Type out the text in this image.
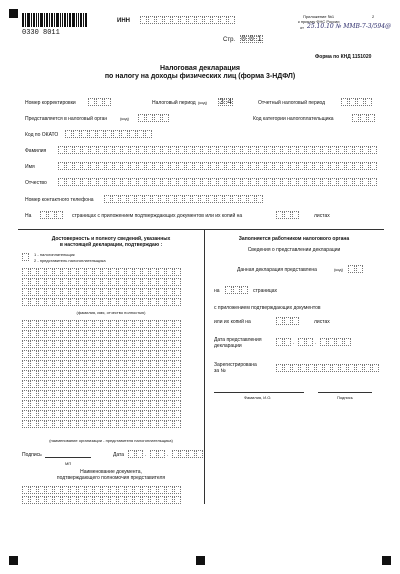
0330 8011
ИНН
Стр. 0 0 1
Приложение №1	2
к приказу ФНС России
от 25.10.10 № ММВ-7-3/594@
Форма по КНД 1151020
Налоговая декларация
по налогу на доходы физических лиц (форма 3-НДФЛ)
Номер корректировки	Налоговый период (код) 3 4	Отчетный налоговый период
Представляется в налоговый орган	(код)	Код категории налогоплательщика
Код по ОКАТО
Фамилия
Имя
Отчество
Номер контактного телефона
На	страницах с приложением подтверждающих документов или их копий на	листах
Достоверность и полноту сведений, указанных
в настоящей декларации, подтверждаю :
1 - налогоплательщик
2 - представитель налогоплательщика
(фамилия, имя, отчество полностью)
(наименование организации - представителя налогоплательщика)
Подпись	Дата	.	.
МП
Наименование документа,
подтверждающего полномочия представителя
Заполняется работником налогового органа
Сведения о представлении декларации
Данная декларация представлена	(код)
на	страницах
с приложением подтверждающих документов
или их копий на	листах
Дата представления
декларации	.	.
Зарегистрирована
за №
Фамилия, И.О.	Подпись
